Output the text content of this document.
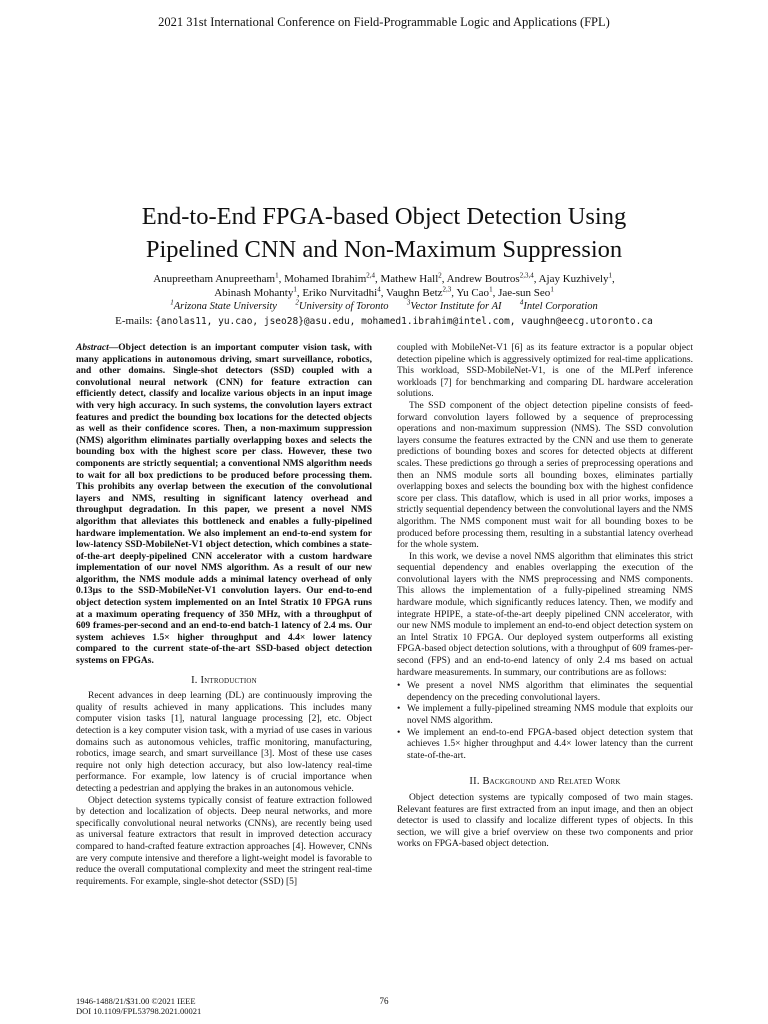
2021 31st International Conference on Field-Programmable Logic and Applications (FPL)
End-to-End FPGA-based Object Detection Using
Pipelined CNN and Non-Maximum Suppression
Anupreetham Anupreetham$^1$, Mohamed Ibrahim$^{2,4}$, Mathew Hall$^2$, Andrew Boutros$^{2,3,4}$, Ajay Kuzhively$^1$,
Abinash Mohanty$^1$, Eriko Nurvitadhi$^4$, Vaughn Betz$^{2,3}$, Yu Cao$^1$, Jae-sun Seo$^1$
$^1$Arizona State University	$^2$University of Toronto	$^3$Vector Institute for AI	$^4$Intel Corporation
E-mails: {anolas11, yu.cao, jseo28}@asu.edu, mohamed1.ibrahim@intel.com, vaughn@eecg.utoronto.ca
Abstract—Object detection is an important computer vision task, with many applications in autonomous driving, smart surveillance, robotics, and other domains. Single-shot detectors (SSD) coupled with a convolutional neural network (CNN) for feature extraction can efficiently detect, classify and localize various objects in an input image with very high accuracy. In such systems, the convolution layers extract features and predict the bounding box locations for the detected objects as well as their confidence scores. Then, a non-maximum suppression (NMS) algorithm eliminates partially overlapping boxes and selects the bounding box with the highest score per class. However, these two components are strictly sequential; a conventional NMS algorithm needs to wait for all box predictions to be produced before processing them. This prohibits any overlap between the execution of the convolutional layers and NMS, resulting in significant latency overhead and throughput degradation. In this paper, we present a novel NMS algorithm that alleviates this bottleneck and enables a fully-pipelined hardware implementation. We also implement an end-to-end system for low-latency SSD-MobileNet-V1 object detection, which combines a state-of-the-art deeply-pipelined CNN accelerator with a custom hardware implementation of our novel NMS algorithm. As a result of our new algorithm, the NMS module adds a minimal latency overhead of only 0.13µs to the SSD-MobileNet-V1 convolution layers. Our end-to-end object detection system implemented on an Intel Stratix 10 FPGA runs at a maximum operating frequency of 350 MHz, with a throughput of 609 frames-per-second and an end-to-end batch-1 latency of 2.4 ms. Our system achieves 1.5× higher throughput and 4.4× lower latency compared to the current state-of-the-art SSD-based object detection systems on FPGAs.
I. Introduction

Recent advances in deep learning (DL) are continuously improving the quality of results achieved in many applications. This includes many computer vision tasks [1], natural language processing [2], etc. Object detection is a key computer vision task, with a myriad of use cases in various domains such as autonomous vehicles, traffic monitoring, manufacturing, robotics, image search, and smart surveillance [3]. Most of these use cases require not only high detection accuracy, but also low-latency real-time performance. For example, low latency is of crucial importance when detecting a pedestrian and applying the brakes in an autonomous vehicle.

Object detection systems typically consist of feature extraction followed by detection and localization of objects. Deep neural networks, and more specifically convolutional neural networks (CNNs), are recently being used as universal feature extractors that result in improved detection accuracy compared to hand-crafted feature extraction approaches [4]. However, CNNs are very compute intensive and therefore a light-weight model is favorable to reduce the overall computational complexity and meet the stringent real-time requirements. For example, single-shot detector (SSD) [5]

coupled with MobileNet-V1 [6] as its feature extractor is a popular object detection pipeline which is aggressively optimized for real-time applications. This workload, SSD-MobileNet-V1, is one of the MLPerf inference workloads [7] for benchmarking and comparing DL hardware acceleration solutions.

The SSD component of the object detection pipeline consists of feed-forward convolution layers followed by a sequence of preprocessing operations and non-maximum suppression (NMS). The SSD convolution layers consume the features extracted by the CNN and use them to generate predictions of bounding boxes and scores for detected objects at different scales. These predictions go through a series of preprocessing operations and then an NMS module sorts all bounding boxes, eliminates partially overlapping boxes and selects the bounding box with the highest confidence score per class. This dataflow, which is used in all prior works, imposes a strictly sequential dependency between the convolutional layers and the NMS algorithm. The NMS component must wait for all bounding boxes to be produced before processing them, resulting in a substantial latency overhead for the whole system.

In this work, we devise a novel NMS algorithm that eliminates this strict sequential dependency and enables overlapping the execution of the convolutional layers with the NMS preprocessing and NMS components. This allows the implementation of a fully-pipelined streaming NMS hardware module, which significantly reduces latency. Then, we modify and integrate HPIPE, a state-of-the-art deeply pipelined CNN accelerator, with our new NMS module to implement an end-to-end object detection system on an Intel Stratix 10 FPGA. Our deployed system outperforms all existing FPGA-based object detection solutions, with a throughput of 609 frames-per-second (FPS) and an end-to-end latency of only 2.4 ms based on actual hardware measurements. In summary, our contributions are as follows:

• We present a novel NMS algorithm that eliminates the sequential dependency on the preceding convolutional layers.
• We implement a fully-pipelined streaming NMS module that exploits our novel NMS algorithm.
• We implement an end-to-end FPGA-based object detection system that achieves 1.5× higher throughput and 4.4× lower latency than the current state-of-the-art.
II. Background and Related Work

Object detection systems are typically composed of two main stages. Relevant features are first extracted from an input image, and then an object detector is used to classify and localize different types of objects. In this section, we will give a brief overview on these two components and prior works on FPGA-based object detection.

1946-1488/21/$31.00 ©2021 IEEE
DOI 10.1109/FPL53798.2021.00021
76
